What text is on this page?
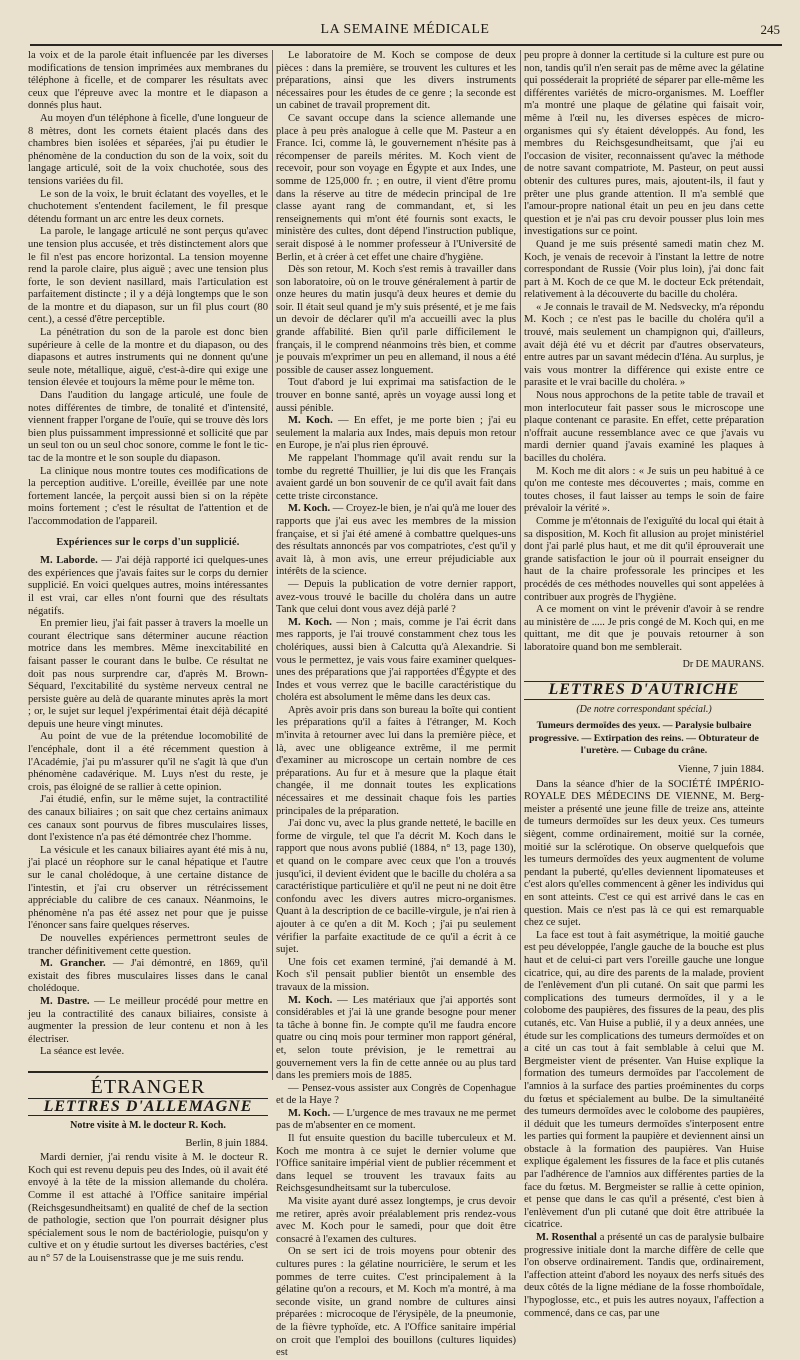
LA SEMAINE MÉDICALE	245

la voix et de la parole était influencée par les diverses modifications de tension imprimées aux membranes du téléphone à ficelle, et de comparer les résultats avec ceux que l'épreuve avec la montre et le diapason a donnés plus haut.

Au moyen d'un téléphone à ficelle, d'une longueur de 8 mètres, dont les cornets étaient placés dans des chambres bien isolées et séparées, j'ai pu étudier le phénomène de la conduction du son de la voix, soit du langage articulé, soit de la voix chuchotée, sous des tensions variées du fil.

Le son de la voix, le bruit éclatant des voyelles, et le chuchotement s'entendent facilement, le fil presque détendu formant un arc entre les deux cornets.

La parole, le langage articulé ne sont perçus qu'avec une tension plus accusée, et très distinctement alors que le fil n'est pas encore horizontal. La tension moyenne rend la parole claire, plus aiguë ; avec une tension plus forte, le son devient nasillard, mais l'articulation est parfaitement distincte ; il y a déjà longtemps que le son de la montre et du diapason, sur un fil plus court (80 cent.), a cessé d'être perceptible.

La pénétration du son de la parole est donc bien supérieure à celle de la montre et du diapason, ou des diapasons et autres instruments qui ne donnent qu'une seule note, métallique, aiguë, c'est-à-dire qui exige une tension élevée et toujours la même pour le même ton.

Dans l'audition du langage articulé, une foule de notes différentes de timbre, de tonalité et d'intensité, viennent frapper l'organe de l'ouïe, qui se trouve dès lors bien plus puissamment impressionné et sollicité que par un seul ton ou un seul choc sonore, comme le font le tic-tac de la montre et le son souple du diapason.

La clinique nous montre toutes ces modifications de la perception auditive. L'oreille, éveillée par une note fortement lancée, la perçoit aussi bien si on la répète moins fortement ; c'est le résultat de l'attention et de l'accommodation de l'appareil.

Expériences sur le corps d'un supplicié.

M. Laborde. — J'ai déjà rapporté ici quelques-unes des expériences que j'avais faites sur le corps du dernier supplicié. En voici quelques autres, moins intéressantes il est vrai, car elles n'ont fourni que des résultats négatifs.

En premier lieu, j'ai fait passer à travers la moelle un courant électrique sans déterminer aucune réaction motrice dans les membres. Même inexcitabilité en faisant passer le courant dans le bulbe. Ce résultat ne doit pas nous surprendre car, d'après M. Brown-Séquard, l'excitabilité du système nerveux central ne persiste guère au delà de quarante minutes après la mort ; or, le sujet sur lequel j'expérimentai était déjà décapité depuis une heure vingt minutes.

Au point de vue de la prétendue locomobilité de l'encéphale, dont il a été récemment question à l'Académie, j'ai pu m'assurer qu'il ne s'agit là que d'un phénomène cadavérique. M. Luys n'est du reste, je crois, pas éloigné de se rallier à cette opinion.

J'ai étudié, enfin, sur le même sujet, la contractilité des canaux biliaires ; on sait que chez certains animaux ces canaux sont pourvus de fibres musculaires lisses, dont l'existence n'a pas été démontrée chez l'homme.

La vésicule et les canaux biliaires ayant été mis à nu, j'ai placé un réophore sur le canal hépatique et l'autre sur le canal cholédoque, à une certaine distance de l'intestin, et j'ai cru observer un rétrécissement appréciable du calibre de ces canaux. Néanmoins, le phénomène n'a pas été assez net pour que je puisse l'énoncer sans faire quelques réserves.

De nouvelles expériences permettront seules de trancher définitivement cette question.

M. Grancher. — J'ai démontré, en 1869, qu'il existait des fibres musculaires lisses dans le canal cholédoque.

M. Dastre. — Le meilleur procédé pour mettre en jeu la contractilité des canaux biliaires, consiste à augmenter la pression de leur contenu et non à les électriser.

La séance est levée.

ÉTRANGER
LETTRES D'ALLEMAGNE
Notre visite à M. le docteur R. Koch.
Berlin, 8 juin 1884.

Mardi dernier, j'ai rendu visite à M. le docteur R. Koch qui est revenu depuis peu des Indes, où il avait été envoyé à la tête de la mission allemande du choléra. Comme il est attaché à l'Office sanitaire impérial (Reichsgesundheitsamt) en qualité de chef de la section de pathologie, section que l'on pourrait désigner plus spécialement sous le nom de bactériologie, puisqu'on y cultive et on y étudie surtout les diverses bactéries, c'est au n° 57 de la Louisenstrasse que je me suis rendu.

Le laboratoire de M. Koch se compose de deux pièces : dans la première, se trouvent les cultures et les préparations, ainsi que les divers instruments nécessaires pour les études de ce genre ; la seconde est un cabinet de travail proprement dit.

Ce savant occupe dans la science allemande une place à peu près analogue à celle que M. Pasteur a en France. Ici, comme là, le gouvernement n'hésite pas à récompenser de pareils mérites. M. Koch vient de recevoir, pour son voyage en Égypte et aux Indes, une somme de 125,000 fr. ; en outre, il vient d'être promu dans la réserve au titre de médecin principal de 1re classe ayant rang de commandant, et, si les renseignements qui m'ont été fournis sont exacts, le ministère des cultes, dont dépend l'instruction publique, serait disposé à le nommer professeur à l'Université de Berlin, et à créer à cet effet une chaire d'hygiène.

Dès son retour, M. Koch s'est remis à travailler dans son laboratoire, où on le trouve généralement à partir de onze heures du matin jusqu'à deux heures et demie du soir. Il était seul quand je m'y suis présenté, et je me fais un devoir de déclarer qu'il m'a accueilli avec la plus grande affabilité. Bien qu'il parle difficilement le français, il le comprend néanmoins très bien, et comme je pouvais m'exprimer un peu en allemand, il nous a été possible de causer assez longuement.

Tout d'abord je lui exprimai ma satisfaction de le trouver en bonne santé, après un voyage aussi long et aussi pénible.

M. Koch. — En effet, je me porte bien ; j'ai eu seulement la malaria aux Indes, mais depuis mon retour en Europe, je n'ai plus rien éprouvé.

Me rappelant l'hommage qu'il avait rendu sur la tombe du regretté Thuillier, je lui dis que les Français avaient gardé un bon souvenir de ce qu'il avait fait dans cette triste circonstance.

M. Koch. — Croyez-le bien, je n'ai qu'à me louer des rapports que j'ai eus avec les membres de la mission française, et si j'ai été amené à combattre quelques-uns des résultats annoncés par vos compatriotes, c'est qu'il y avait là, à mon avis, une erreur préjudiciable aux intérêts de la science.

— Depuis la publication de votre dernier rapport, avez-vous trouvé le bacille du choléra dans un autre Tank que celui dont vous avez déjà parlé ?

M. Koch. — Non ; mais, comme je l'ai écrit dans mes rapports, je l'ai trouvé constamment chez tous les cholériques, aussi bien à Calcutta qu'à Alexandrie. Si vous le permettez, je vais vous faire examiner quelques-unes des préparations que j'ai rapportées d'Égypte et des Indes et vous verrez que le bacille caractéristique du choléra est absolument le même dans les deux cas.

Après avoir pris dans son bureau la boîte qui contient les préparations qu'il a faites à l'étranger, M. Koch m'invita à retourner avec lui dans la première pièce, et là, avec une obligeance extrême, il me permit d'examiner au microscope un certain nombre de ces préparations. Au fur et à mesure que la plaque était changée, il me donnait toutes les explications nécessaires et me dessinait chaque fois les parties principales de la préparation.

J'ai donc vu, avec la plus grande netteté, le bacille en forme de virgule, tel que l'a décrit M. Koch dans le rapport que nous avons publié (1884, n° 13, page 130), et quand on le compare avec ceux que l'on a trouvés jusqu'ici, il devient évident que le bacille du choléra a sa caractéristique particulière et qu'il ne peut ni ne doit être confondu avec les divers autres micro-organismes. Quant à la description de ce bacille-virgule, je n'ai rien à ajouter à ce qu'en a dit M. Koch ; j'ai pu seulement vérifier la parfaite exactitude de ce qu'il a écrit à ce sujet.

Une fois cet examen terminé, j'ai demandé à M. Koch s'il pensait publier bientôt un ensemble des travaux de la mission.

M. Koch. — Les matériaux que j'ai apportés sont considérables et j'ai là une grande besogne pour mener ta tâche à bonne fin. Je compte qu'il me faudra encore quatre ou cinq mois pour terminer mon rapport général, et, selon toute prévision, je le remettrai au gouvernement vers la fin de cette année ou au plus tard dans les premiers mois de 1885.

— Pensez-vous assister aux Congrès de Copenhague et de la Haye ?

M. Koch. — L'urgence de mes travaux ne me permet pas de m'absenter en ce moment.

Il fut ensuite question du bacille tuberculeux et M. Koch me montra à ce sujet le dernier volume que l'Office sanitaire impérial vient de publier récemment et dans lequel se trouvent les travaux faits au Reichsgesundheitsamt sur la tuberculose.

Ma visite ayant duré assez longtemps, je crus devoir me retirer, après avoir préalablement pris rendez-vous avec M. Koch pour le samedi, pour que doit être consacré à l'examen des cultures.

On se sert ici de trois moyens pour obtenir des cultures pures : la gélatine nourricière, le serum et les pommes de terre cuites. C'est principalement à la gélatine qu'on a recours, et M. Koch m'a montré, à ma seconde visite, un grand nombre de cultures ainsi préparées : microcoque de l'érysipèle, de la pneumonie, de la fièvre typhoïde, etc. A l'Office sanitaire impérial on croit que l'emploi des bouillons (cultures liquides) est

peu propre à donner la certitude si la culture est pure ou non, tandis qu'il n'en serait pas de même avec la gélatine qui posséderait la propriété de séparer par elle-même les différentes variétés de micro-organismes. M. Loeffler m'a montré une plaque de gélatine qui faisait voir, même à l'œil nu, les diverses espèces de micro-organismes qui s'y étaient développés. Au fond, les membres du Reichsgesundheitsamt, que j'ai eu l'occasion de visiter, reconnaissent qu'avec la méthode de notre savant compatriote, M. Pasteur, on peut aussi obtenir des cultures pures, mais, ajoutent-ils, il faut y prêter une plus grande attention. Il m'a semblé que l'amour-propre national était un peu en jeu dans cette question et je n'ai pas cru devoir pousser plus loin mes investigations sur ce point.

Quand je me suis présenté samedi matin chez M. Koch, je venais de recevoir à l'instant la lettre de notre correspondant de Russie (Voir plus loin), j'ai donc fait part à M. Koch de ce que M. le docteur Eck prétendait, relativement à la découverte du bacille du choléra.

« Je connais le travail de M. Nedsvecky, m'a répondu M. Koch ; ce n'est pas le bacille du choléra qu'il a trouvé, mais seulement un champignon qui, d'ailleurs, avait déjà été vu et décrit par d'autres observateurs, entre autres par un savant médecin d'Iéna. Au surplus, je vais vous montrer la différence qui existe entre ce parasite et le vrai bacille du choléra. »

Nous nous approchons de la petite table de travail et mon interlocuteur fait passer sous le microscope une plaque contenant ce parasite. En effet, cette préparation n'offrait aucune ressemblance avec ce que j'avais vu mardi dernier quand j'avais examiné les plaques à bacilles du choléra.

M. Koch me dit alors : « Je suis un peu habitué à ce qu'on me conteste mes découvertes ; mais, comme en toutes choses, il faut laisser au temps le soin de faire prévaloir la vérité ».

Comme je m'étonnais de l'exiguïté du local qui était à sa disposition, M. Koch fit allusion au projet ministériel dont j'ai parlé plus haut, et me dit qu'il éprouverait une grande satisfaction le jour où il pourrait enseigner du haut de la chaire professorale les principes et les procédés de ces méthodes nouvelles qui sont appelées à contribuer aux progrès de l'hygiène.

A ce moment on vint le prévenir d'avoir à se rendre au ministère de ..... Je pris congé de M. Koch qui, en me quittant, me dit que je pouvais retourner à son laboratoire quand bon me semblerait.

Dr DE MAURANS.
LETTRES D'AUTRICHE
(De notre correspondant spécial.)
Tumeurs dermoïdes des yeux. — Paralysie bulbaire progressive. — Extirpation des reins. — Obturateur de l'uretère. — Cubage du crâne.
Vienne, 7 juin 1884.

Dans la séance d'hier de la SOCIÉTÉ IMPÉRIO-ROYALE DES MÉDECINS DE VIENNE, M. Berg-meister a présenté une jeune fille de treize ans, atteinte de tumeurs dermoïdes sur les deux yeux. Ces tumeurs siègent, comme ordinairement, moitié sur la cornée, moitié sur la sclérotique. On observe quelquefois que les tumeurs dermoïdes des yeux augmentent de volume pendant la puberté, qu'elles deviennent lipomateuses et c'est alors qu'elles commencent à gêner les individus qui en sont atteints. C'est ce qui est arrivé dans le cas en question. Mais ce n'est pas là ce qui est remarquable chez ce sujet.

La face est tout à fait asymétrique, la moitié gauche est peu développée, l'angle gauche de la bouche est plus haut et de celui-ci part vers l'oreille gauche une longue cicatrice, qui, au dire des parents de la malade, provient de l'enlèvement d'un pli cutané. On sait que parmi les complications des tumeurs dermoïdes, il y a le colobome des paupières, des fissures de la peau, des plis cutanés, etc. Van Huise a publié, il y a deux années, une étude sur les complications des tumeurs dermoïdes et on a cité un cas tout à fait semblable à celui que M. Bergmeister vient de présenter. Van Huise explique la formation des tumeurs dermoïdes par l'accolement de l'amnios à la surface des parties proéminentes du corps du fœtus et spécialement au bulbe. De la simultanéité des tumeurs dermoïdes avec le colobome des paupières, il déduit que les tumeurs dermoïdes s'interposent entre les parties qui forment la paupière et deviennent ainsi un obstacle à la formation des paupières. Van Huise explique également les fissures de la face et plis cutanés par l'adhérence de l'amnios aux différentes parties de la face du fœtus. M. Bergmeister se rallie à cette opinion, et pense que dans le cas qu'il a présenté, c'est bien à l'enlèvement d'un pli cutané que doit être attribuée la cicatrice.

M. Rosenthal a présenté un cas de paralysie bulbaire progressive initiale dont la marche diffère de celle que l'on observe ordinairement. Tandis que, ordinairement, l'affection atteint d'abord les noyaux des nerfs situés des deux côtés de la ligne médiane de la fosse rhomboïdale, l'hypoglosse, etc., et puis les autres noyaux, l'affection a commencé, dans ce cas, par une
